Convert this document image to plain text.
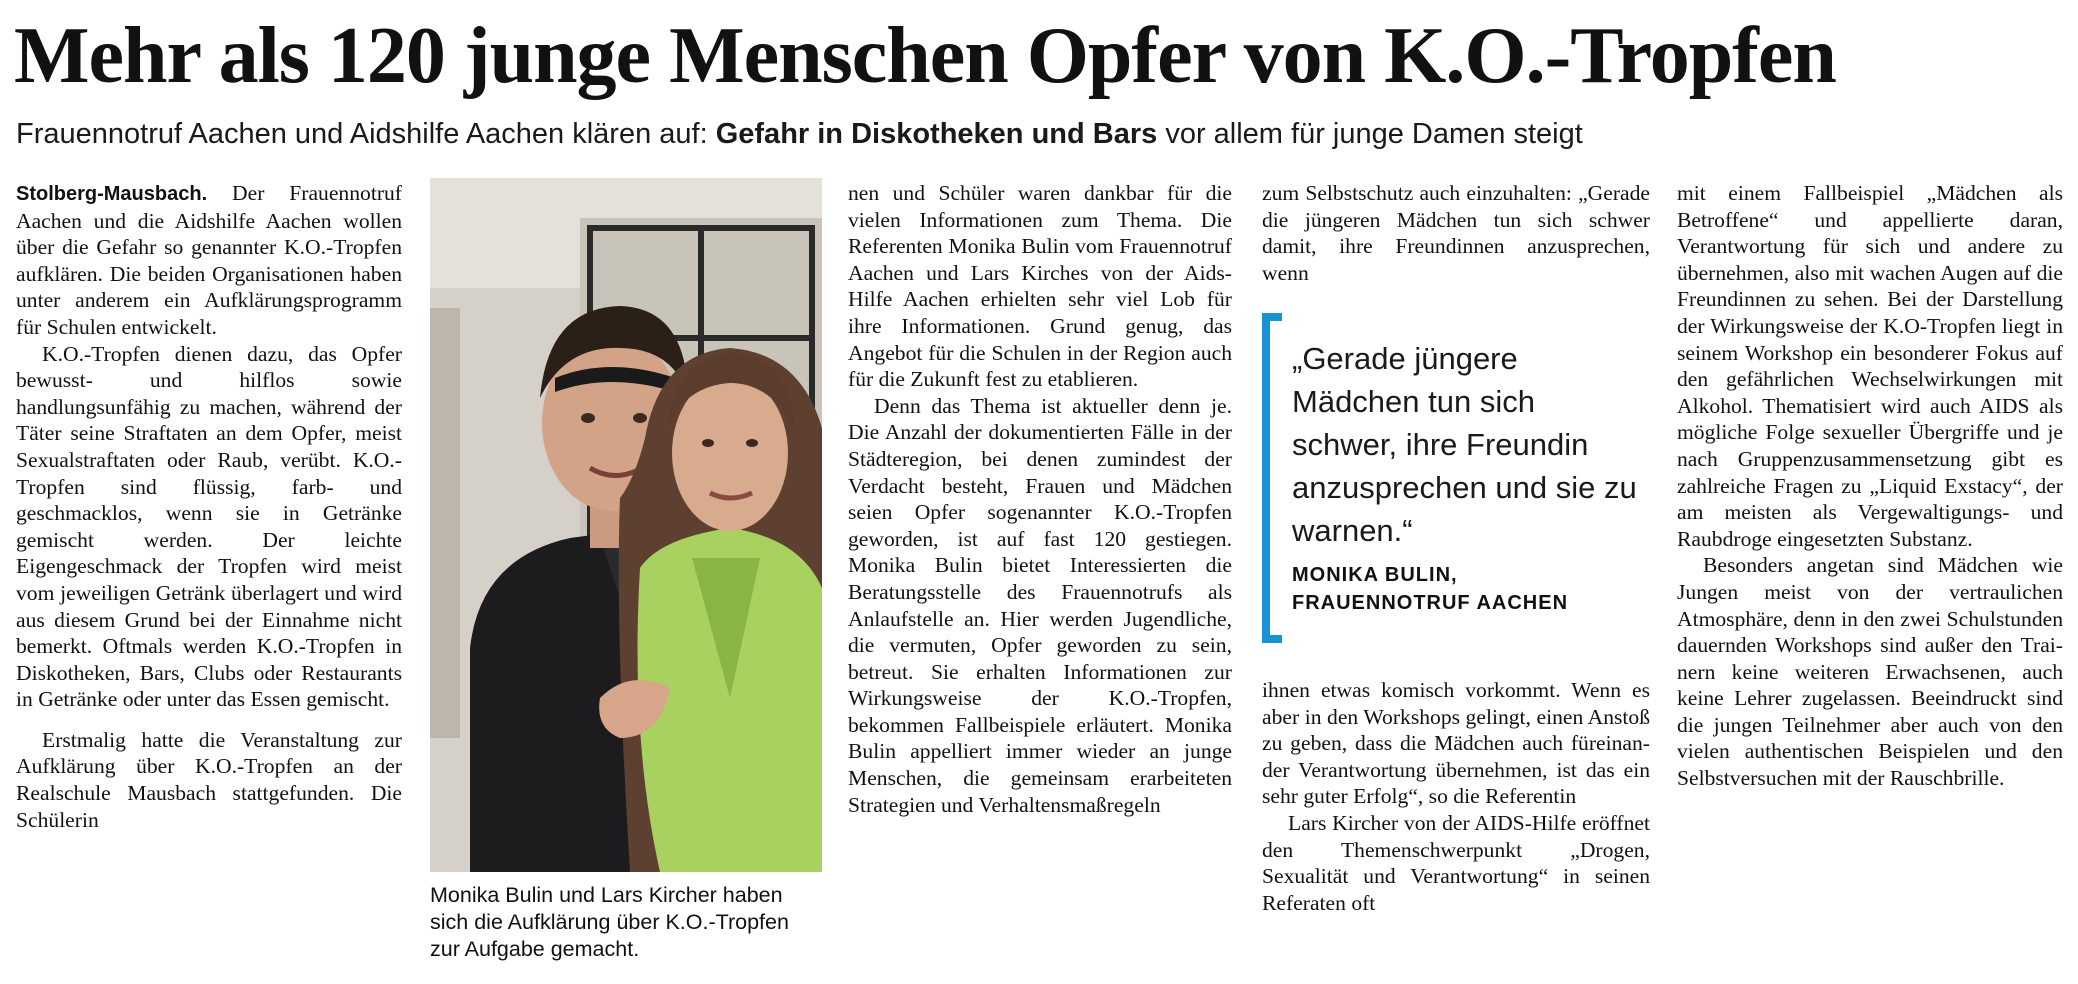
Mehr als 120 junge Menschen Opfer von K.O.-Tropfen

Frauennotruf Aachen und Aidshilfe Aachen klären auf: Gefahr in Diskotheken und Bars vor allem für junge Damen steigt

Stolberg-Mausbach. Der Frauennotruf Aachen und die Aidshilfe Aachen wollen über die Gefahr so genannter K.O.-Tropfen aufklären. Die beiden Organisationen haben unter anderem ein Aufklärungsprogramm für Schulen entwickelt.

K.O.-Tropfen dienen dazu, das Opfer bewusst- und hilflos sowie handlungsunfähig zu machen, während der Täter seine Straftaten an dem Opfer, meist Sexualstraftaten oder Raub, verübt. K.O.-Tropfen sind flüssig, farb- und geschmacklos, wenn sie in Getränke gemischt werden. Der leichte Eigengeschmack der Tropfen wird meist vom jeweiligen Getränk überlagert und wird aus diesem Grund bei der Einnahme nicht bemerkt. Oftmals werden K.O.-Tropfen in Diskotheken, Bars, Clubs oder Restaurants in Getränke oder unter das Essen gemischt.

Erstmalig hatte die Veranstaltung zur Aufklärung über K.O.-Tropfen an der Realschule Mausbach stattgefunden. Die Schülerin

Monika Bulin und Lars Kircher haben sich die Aufklärung über K.O.-Tropfen zur Aufgabe gemacht.

nen und Schüler waren dankbar für die vielen Informationen zum Thema. Die Referenten Monika Bulin vom Frauennotruf Aachen und Lars Kirches von der Aids-Hilfe Aachen erhielten sehr viel Lob für ihre Informationen. Grund genug, das Angebot für die Schulen in der Region auch für die Zukunft fest zu etablieren.

Denn das Thema ist aktueller denn je. Die Anzahl der dokumentierten Fälle in der Städteregion, bei denen zumindest der Verdacht besteht, Frauen und Mädchen seien Opfer sogenannter K.O.-Tropfen geworden, ist auf fast 120 gestiegen. Monika Bulin bietet Interessierten die Beratungsstelle des Frauennotrufs als Anlaufstelle an. Hier werden Jugendliche, die vermuten, Opfer geworden zu sein, betreut. Sie erhalten Informationen zur Wirkungsweise der K.O.-Tropfen, bekommen Fallbeispiele erläutert. Monika Bulin appelliert immer wieder an junge Menschen, die gemeinsam erarbeiteten Strategien und Verhaltensmaßregeln

zum Selbstschutz auch einzuhalten: „Gerade die jüngeren Mädchen tun sich schwer damit, ihre Freundinnen anzusprechen, wenn

„Gerade jüngere Mädchen tun sich schwer, ihre Freundin anzusprechen und sie zu warnen.“

MONIKA BULIN,
FRAUENNOTRUF AACHEN

ihnen etwas komisch vorkommt. Wenn es aber in den Workshops gelingt, einen Anstoß zu geben, dass die Mädchen auch füreinander Verantwortung übernehmen, ist das ein sehr guter Erfolg“, so die Referentin

Lars Kircher von der AIDS-Hilfe eröffnet den Themenschwerpunkt „Drogen, Sexualität und Verantwortung“ in seinen Referaten oft

mit einem Fallbeispiel „Mädchen als Betroffene“ und appellierte daran, Verantwortung für sich und andere zu übernehmen, also mit wachen Augen auf die Freundinnen zu sehen. Bei der Darstellung der Wirkungsweise der K.O-Tropfen liegt in seinem Workshop ein besonderer Fokus auf den gefährlichen Wechselwirkungen mit Alkohol. Thematisiert wird auch AIDS als mögliche Folge sexueller Übergriffe und je nach Gruppenzusammensetzung gibt es zahlreiche Fragen zu „Liquid Exstacy“, der am meisten als Vergewaltigungs- und Raubdroge eingesetzten Substanz.

Besonders angetan sind Mädchen wie Jungen meist von der vertraulichen Atmosphäre, denn in den zwei Schulstunden dauernden Workshops sind außer den Trainern keine weiteren Erwachsenen, auch keine Lehrer zugelassen. Beeindruckt sind die jungen Teilnehmer aber auch von den vielen authentischen Beispielen und den Selbstversuchen mit der Rauschbrille.
